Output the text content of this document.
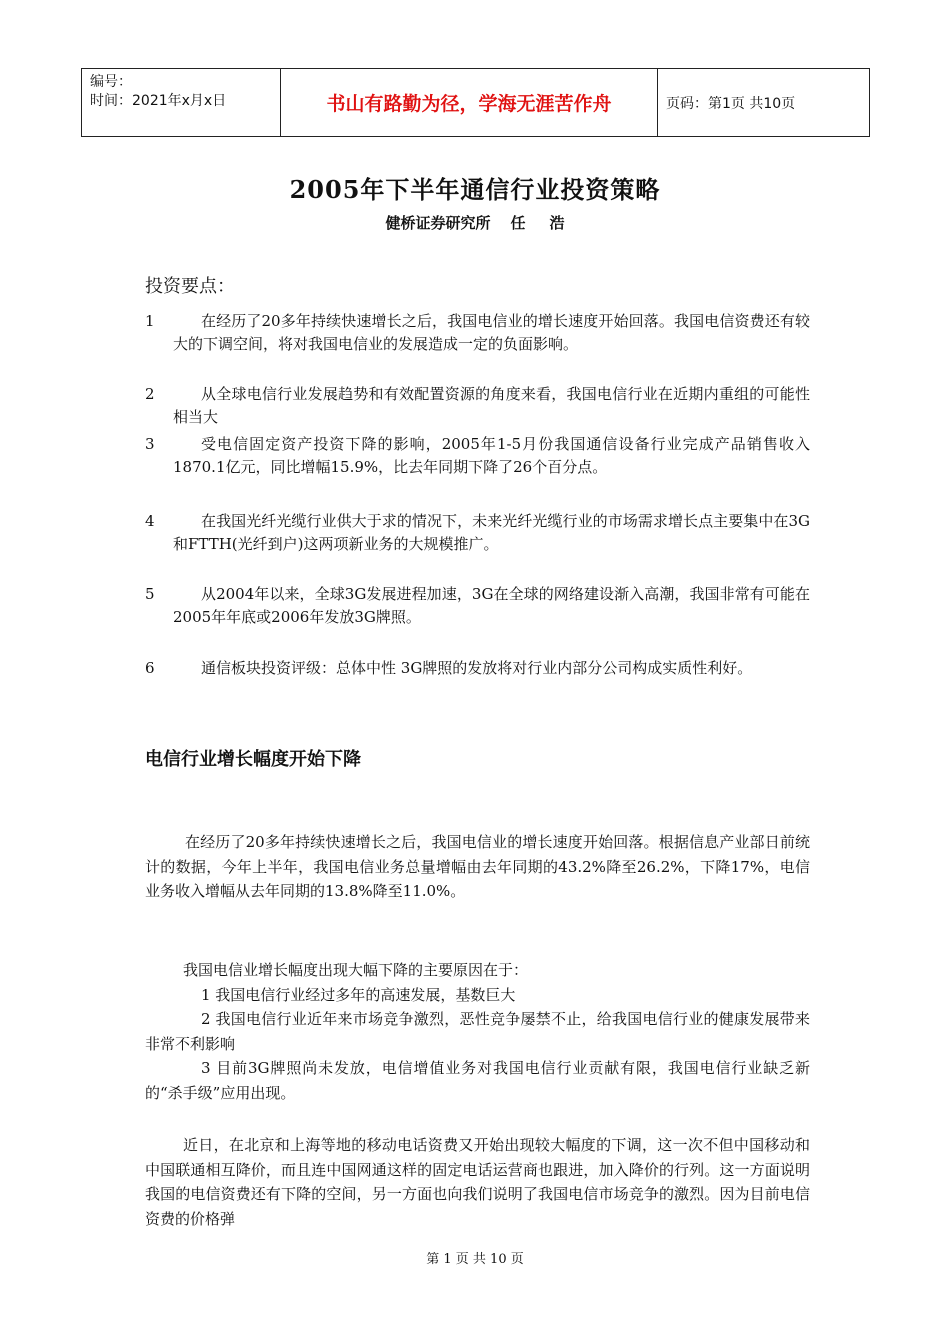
编号：
时间：2021年x月x日	书山有路勤为径，学海无涯苦作舟	页码：第1页 共10页
2005年下半年通信行业投资策略
健桥证券研究所 任 浩
投资要点：
1	在经历了20多年持续快速增长之后，我国电信业的增长速度开始回落。我国电信资费还有较大的下调空间，将对我国电信业的发展造成一定的负面影响。
2	从全球电信行业发展趋势和有效配置资源的角度来看，我国电信行业在近期内重组的可能性相当大
3	受电信固定资产投资下降的影响，2005年1-5月份我国通信设备行业完成产品销售收入1870.1亿元，同比增幅15.9%，比去年同期下降了26个百分点。
4	在我国光纤光缆行业供大于求的情况下，未来光纤光缆行业的市场需求增长点主要集中在3G和FTTH(光纤到户)这两项新业务的大规模推广。
5	从2004年以来，全球3G发展进程加速，3G在全球的网络建设渐入高潮，我国非常有可能在2005年年底或2006年发放3G牌照。
6	通信板块投资评级：总体中性 3G牌照的发放将对行业内部分公司构成实质性利好。
电信行业增长幅度开始下降
在经历了20多年持续快速增长之后，我国电信业的增长速度开始回落。根据信息产业部日前统计的数据，今年上半年，我国电信业务总量增幅由去年同期的43.2%降至26.2%，下降17%，电信业务收入增幅从去年同期的13.8%降至11.0%。
我国电信业增长幅度出现大幅下降的主要原因在于：
1 我国电信行业经过多年的高速发展，基数巨大
2 我国电信行业近年来市场竞争激烈，恶性竞争屡禁不止，给我国电信行业的健康发展带来非常不利影响
3 目前3G牌照尚未发放，电信增值业务对我国电信行业贡献有限，我国电信行业缺乏新的“杀手级”应用出现。
近日，在北京和上海等地的移动电话资费又开始出现较大幅度的下调，这一次不但中国移动和中国联通相互降价，而且连中国网通这样的固定电话运营商也跟进，加入降价的行列。这一方面说明我国的电信资费还有下降的空间，另一方面也向我们说明了我国电信市场竞争的激烈。因为目前电信资费的价格弹
第 1 页 共 10 页
